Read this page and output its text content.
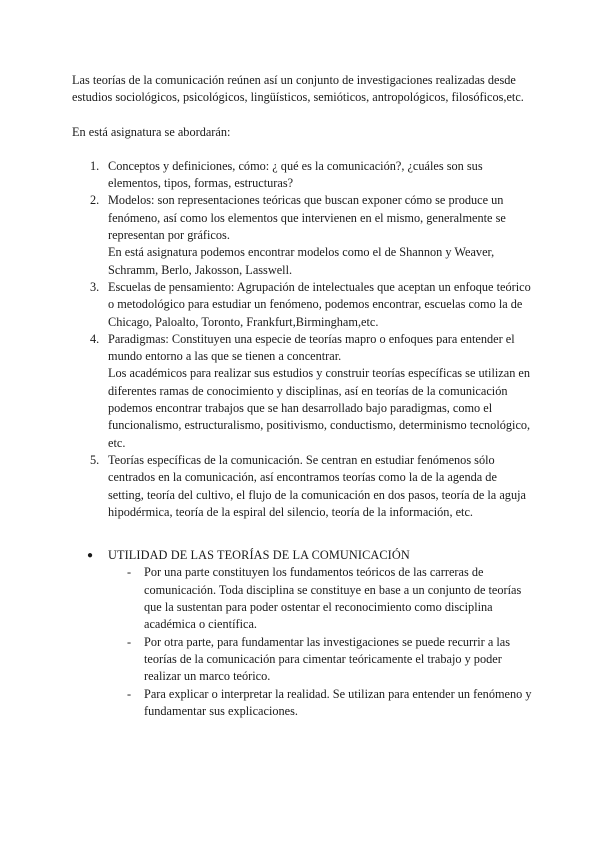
Las teorías de la comunicación reúnen así un conjunto de investigaciones realizadas desde estudios sociológicos, psicológicos, lingüísticos, semióticos, antropológicos, filosóficos,etc.

En está asignatura se abordarán:

1. Conceptos y definiciones, cómo: ¿ qué es la comunicación?, ¿cuáles son sus elementos, tipos, formas, estructuras?

2. Modelos: son representaciones teóricas que buscan exponer cómo se produce un fenómeno, así como los elementos que intervienen en el mismo, generalmente se representan por gráficos.

En está asignatura podemos encontrar modelos como el de Shannon y Weaver, Schramm, Berlo, Jakosson, Lasswell.

3. Escuelas de pensamiento: Agrupación de intelectuales que aceptan un enfoque teórico o metodológico para estudiar un fenómeno, podemos encontrar, escuelas como la de Chicago, Paloalto, Toronto, Frankfurt,Birmingham,etc.

4. Paradigmas: Constituyen una especie de teorías mapro o enfoques para entender el mundo entorno a las que se tienen a concentrar.

Los académicos para realizar sus estudios y construir teorías específicas se utilizan en diferentes ramas de conocimiento y disciplinas, así en teorías de la comunicación podemos encontrar trabajos que se han desarrollado bajo paradigmas, como el funcionalismo, estructuralismo, positivismo, conductismo, determinismo tecnológico, etc.

5. Teorías específicas de la comunicación. Se centran en estudiar fenómenos sólo centrados en la comunicación, así encontramos teorías como la de la agenda de setting, teoría del cultivo, el flujo de la comunicación en dos pasos, teoría de la aguja hipodérmica, teoría de la espiral del silencio, teoría de la información, etc.

● UTILIDAD DE LAS TEORÍAS DE LA COMUNICACIÓN
- Por una parte constituyen los fundamentos teóricos de las carreras de comunicación. Toda disciplina se constituye en base a un conjunto de teorías que la sustentan para poder ostentar el reconocimiento como disciplina académica o científica.
- Por otra parte, para fundamentar las investigaciones se puede recurrir a las teorías de la comunicación para cimentar teóricamente el trabajo y poder realizar un marco teórico.
- Para explicar o interpretar la realidad. Se utilizan para entender un fenómeno y fundamentar sus explicaciones.
